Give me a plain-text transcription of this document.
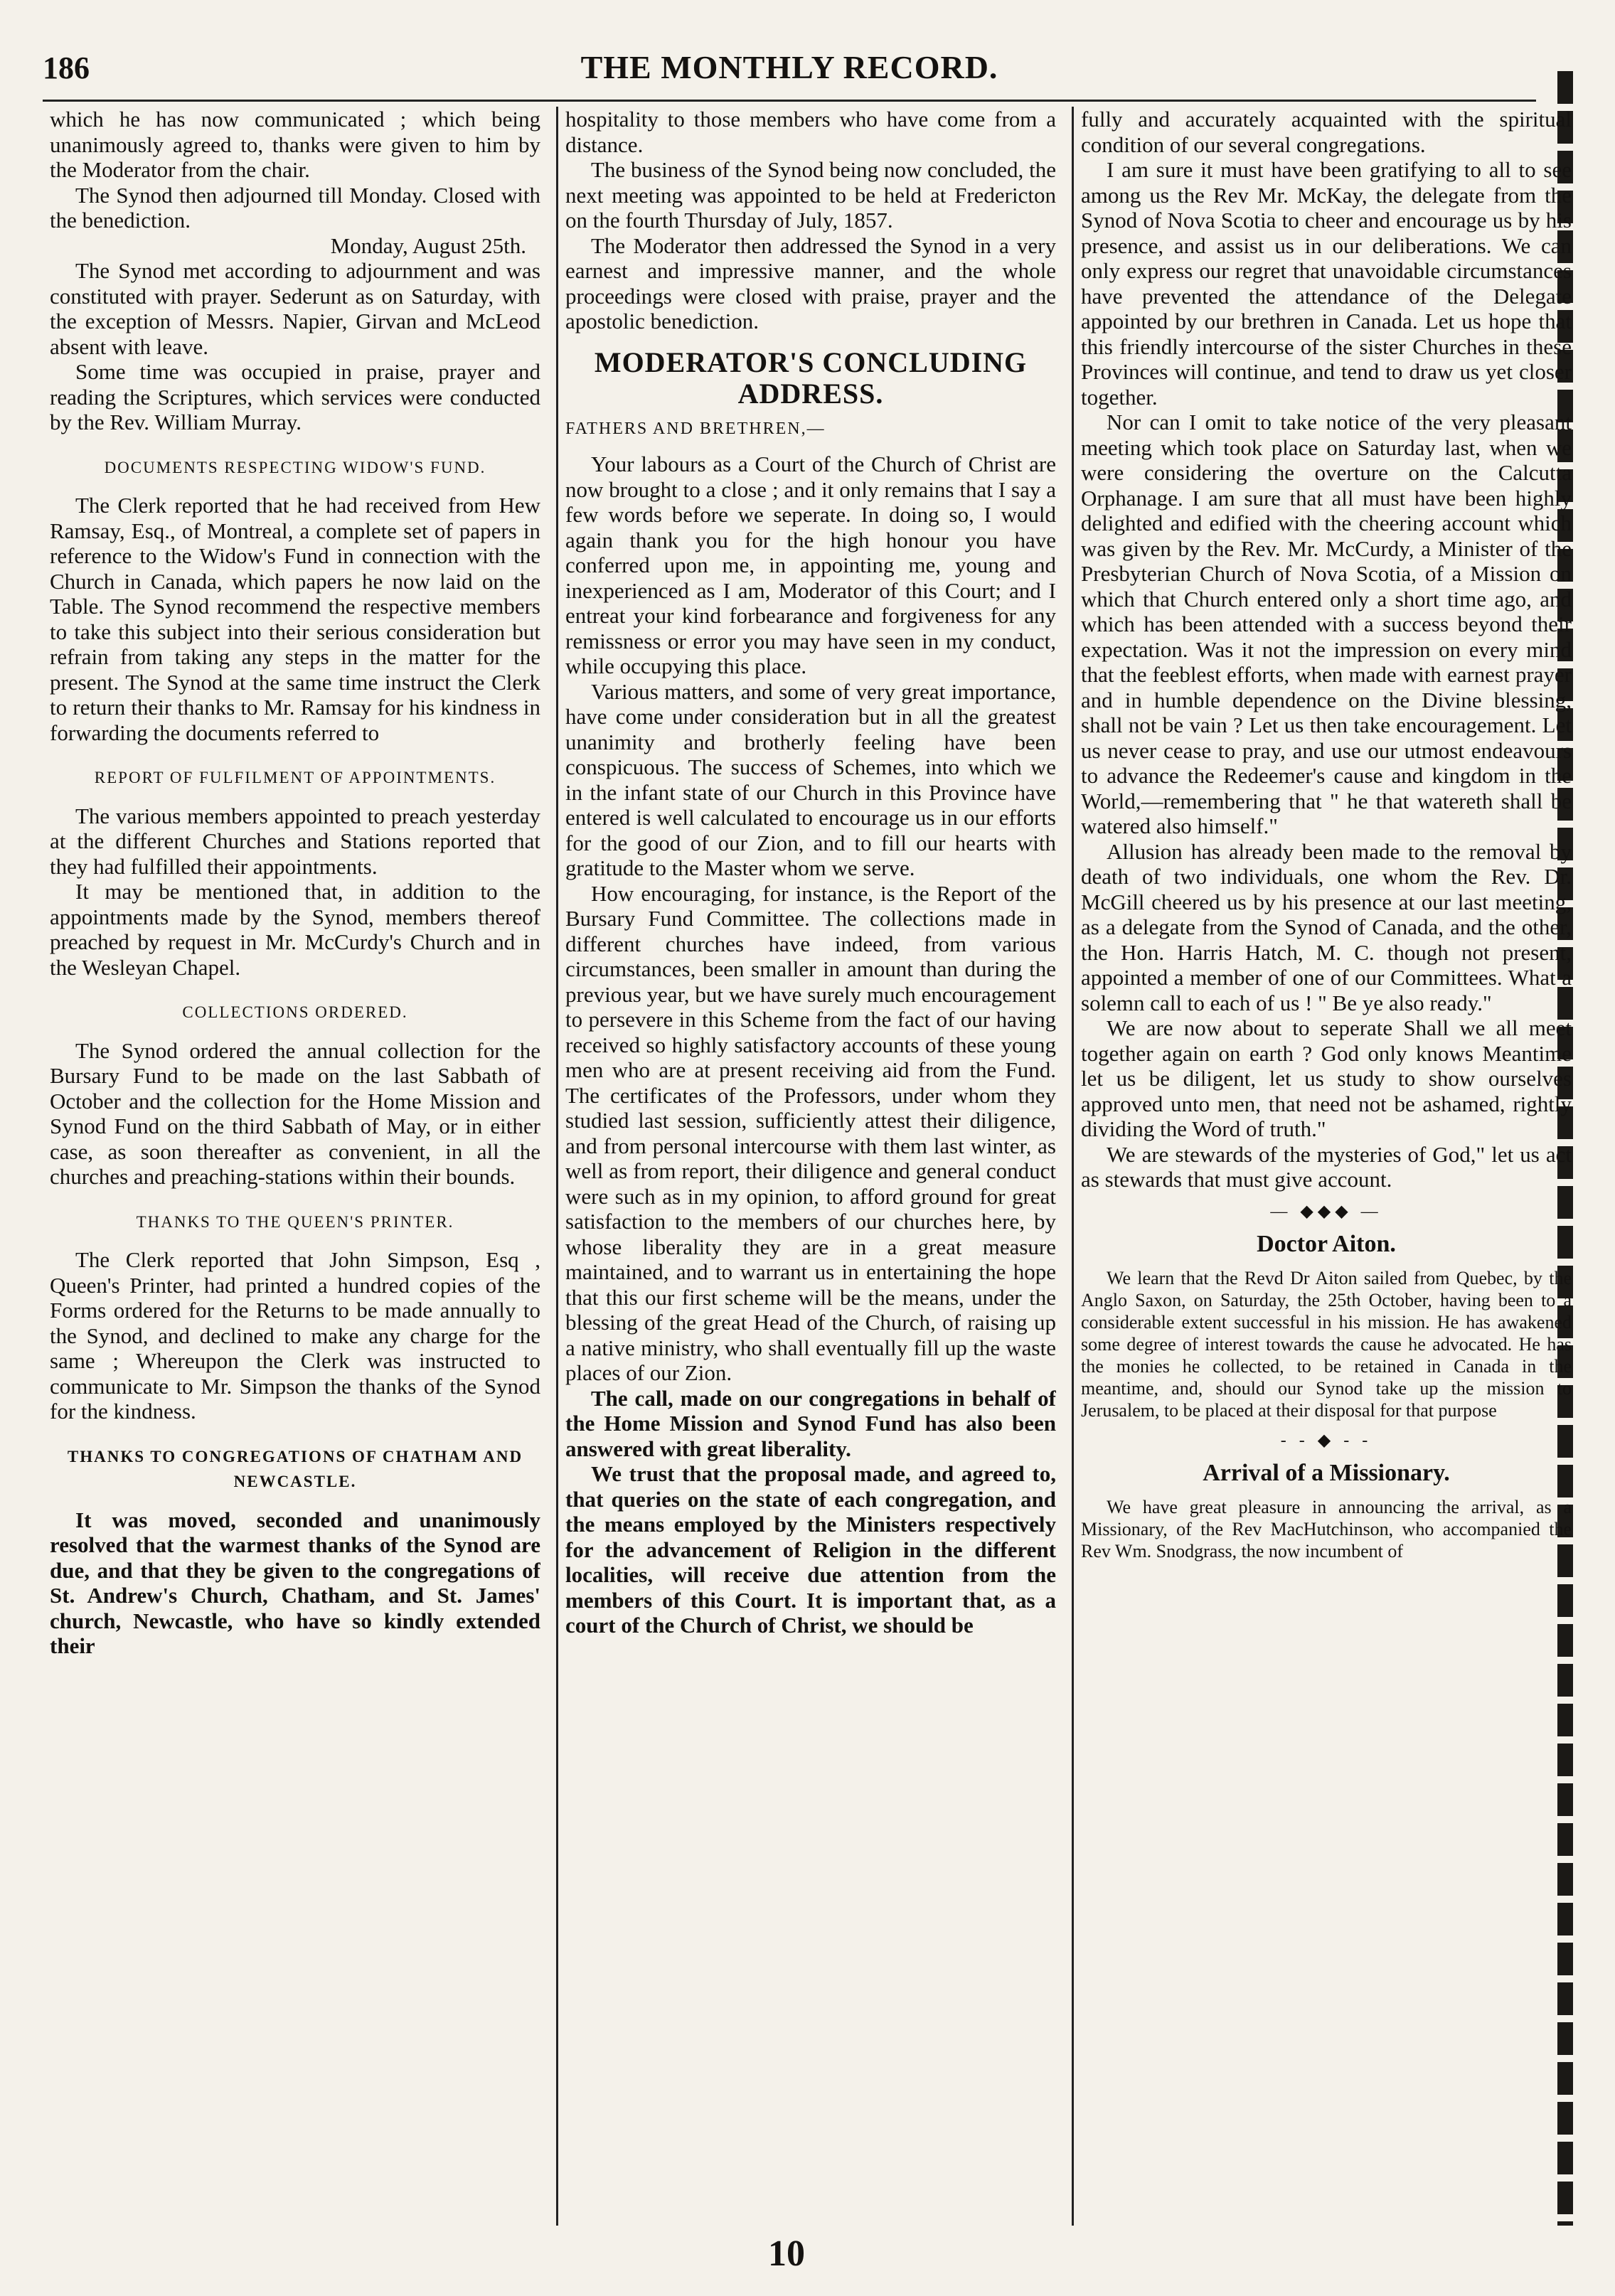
186	THE MONTHLY RECORD.

which he has now communicated ; which being unanimously agreed to, thanks were given to him by the Moderator from the chair.

The Synod then adjourned till Monday. Closed with the benediction.

Monday, August 25th.

The Synod met according to adjournment and was constituted with prayer. Sederunt as on Saturday, with the exception of Messrs. Napier, Girvan and McLeod absent with leave.

Some time was occupied in praise, prayer and reading the Scriptures, which services were conducted by the Rev. William Murray.

DOCUMENTS RESPECTING WIDOW'S FUND.

The Clerk reported that he had received from Hew Ramsay, Esq., of Montreal, a complete set of papers in reference to the Widow's Fund in connection with the Church in Canada, which papers he now laid on the Table. The Synod recommend the respective members to take this subject into their serious consideration but refrain from taking any steps in the matter for the present. The Synod at the same time instruct the Clerk to return their thanks to Mr. Ramsay for his kindness in forwarding the documents referred to

REPORT OF FULFILMENT OF APPOINTMENTS.

The various members appointed to preach yesterday at the different Churches and Stations reported that they had fulfilled their appointments.

It may be mentioned that, in addition to the appointments made by the Synod, members thereof preached by request in Mr. McCurdy's Church and in the Wesleyan Chapel.

COLLECTIONS ORDERED.

The Synod ordered the annual collection for the Bursary Fund to be made on the last Sabbath of October and the collection for the Home Mission and Synod Fund on the third Sabbath of May, or in either case, as soon thereafter as convenient, in all the churches and preaching-stations within their bounds.

THANKS TO THE QUEEN'S PRINTER.

The Clerk reported that John Simpson, Esq , Queen's Printer, had printed a hundred copies of the Forms ordered for the Returns to be made annually to the Synod, and declined to make any charge for the same ; Whereupon the Clerk was instructed to communicate to Mr. Simpson the thanks of the Synod for the kindness.

THANKS TO CONGREGATIONS OF CHATHAM AND NEWCASTLE.

It was moved, seconded and unanimously resolved that the warmest thanks of the Synod are due, and that they be given to the congregations of St. Andrew's Church, Chatham, and St. James' church, Newcastle, who have so kindly extended their

hospitality to those members who have come from a distance.

The business of the Synod being now concluded, the next meeting was appointed to be held at Fredericton on the fourth Thursday of July, 1857.

The Moderator then addressed the Synod in a very earnest and impressive manner, and the whole proceedings were closed with praise, prayer and the apostolic benediction.

MODERATOR'S CONCLUDING ADDRESS.
FATHERS AND BRETHREN,—

Your labours as a Court of the Church of Christ are now brought to a close ; and it only remains that I say a few words before we seperate. In doing so, I would again thank you for the high honour you have conferred upon me, in appointing me, young and inexperienced as I am, Moderator of this Court; and I entreat your kind forbearance and forgiveness for any remissness or error you may have seen in my conduct, while occupying this place.

Various matters, and some of very great importance, have come under consideration but in all the greatest unanimity and brotherly feeling have been conspicuous. The success of Schemes, into which we in the infant state of our Church in this Province have entered is well calculated to encourage us in our efforts for the good of our Zion, and to fill our hearts with gratitude to the Master whom we serve.

How encouraging, for instance, is the Report of the Bursary Fund Committee. The collections made in different churches have indeed, from various circumstances, been smaller in amount than during the previous year, but we have surely much encouragement to persevere in this Scheme from the fact of our having received so highly satisfactory accounts of these young men who are at present receiving aid from the Fund. The certificates of the Professors, under whom they studied last session, sufficiently attest their diligence, and from personal intercourse with them last winter, as well as from report, their diligence and general conduct were such as in my opinion, to afford ground for great satisfaction to the members of our churches here, by whose liberality they are in a great measure maintained, and to warrant us in entertaining the hope that this our first scheme will be the means, under the blessing of the great Head of the Church, of raising up a native ministry, who shall eventually fill up the waste places of our Zion.

The call, made on our congregations in behalf of the Home Mission and Synod Fund has also been answered with great liberality.

We trust that the proposal made, and agreed to, that queries on the state of each congregation, and the means employed by the Ministers respectively for the advancement of Religion in the different localities, will receive due attention from the members of this Court. It is important that, as a court of the Church of Christ, we should be

fully and accurately acquainted with the spiritual condition of our several congregations.

I am sure it must have been gratifying to all to see among us the Rev Mr. McKay, the delegate from the Synod of Nova Scotia to cheer and encourage us by his presence, and assist us in our deliberations. We can only express our regret that unavoidable circumstances have prevented the attendance of the Delegate appointed by our brethren in Canada. Let us hope that this friendly intercourse of the sister Churches in these Provinces will continue, and tend to draw us yet closer together.

Nor can I omit to take notice of the very pleasant meeting which took place on Saturday last, when we were considering the overture on the Calcutta Orphanage. I am sure that all must have been highly delighted and edified with the cheering account which was given by the Rev. Mr. McCurdy, a Minister of the Presbyterian Church of Nova Scotia, of a Mission on which that Church entered only a short time ago, and which has been attended with a success beyond their expectation. Was it not the impression on every mind that the feeblest efforts, when made with earnest prayer and in humble dependence on the Divine blessing, shall not be vain ? Let us then take encouragement. Let us never cease to pray, and use our utmost endeavours to advance the Redeemer's cause and kingdom in the World,—remembering that " he that watereth shall be watered also himself."

Allusion has already been made to the removal by death of two individuals, one whom the Rev. Dr. McGill cheered us by his presence at our last meeting, as a delegate from the Synod of Canada, and the other, the Hon. Harris Hatch, M. C. though not present, appointed a member of one of our Committees. What a solemn call to each of us ! " Be ye also ready."

We are now about to seperate Shall we all meet together again on earth ? God only knows Meantime let us be diligent, let us study to show ourselves approved unto men, that need not be ashamed, rightly dividing the Word of truth."

We are stewards of the mysteries of God," let us act as stewards that must give account.

— ◆◆◆ —
Doctor Aiton.

We learn that the Revd Dr Aiton sailed from Quebec, by the Anglo Saxon, on Saturday, the 25th October, having been to a considerable extent successful in his mission. He has awakened some degree of interest towards the cause he advocated. He has the monies he collected, to be retained in Canada in the meantime, and, should our Synod take up the mission to Jerusalem, to be placed at their disposal for that purpose

- - ◆ - -
Arrival of a Missionary.

We have great pleasure in announcing the arrival, as a Missionary, of the Rev MacHutchinson, who accompanied the Rev Wm. Snodgrass, the now incumbent of

10
